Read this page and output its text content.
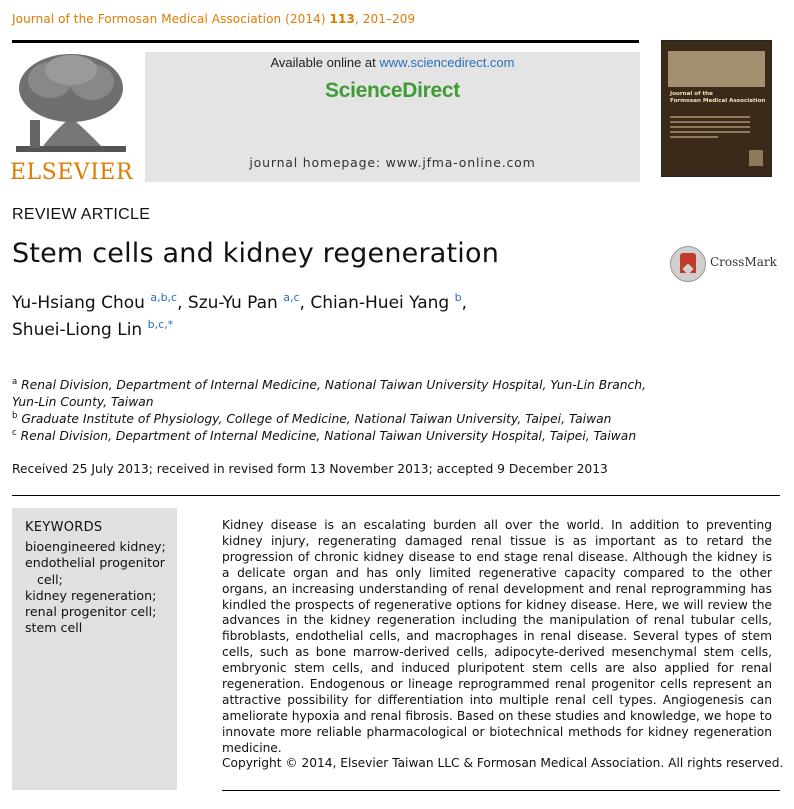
Journal of the Formosan Medical Association (2014) 113, 201–209
ELSEVIER
Available online at www.sciencedirect.com
ScienceDirect
journal homepage: www.jfma-online.com
Journal of the
Formosan Medical Association
REVIEW ARTICLE
Stem cells and kidney regeneration	CrossMark
Yu-Hsiang Chou $^{a,b,c}$, Szu-Yu Pan $^{a,c}$, Chian-Huei Yang $^b$,
Shuei-Liong Lin $^{b,c,*}$
$^a$ Renal Division, Department of Internal Medicine, National Taiwan University Hospital, Yun-Lin Branch, Yun-Lin County, Taiwan
$^b$ Graduate Institute of Physiology, College of Medicine, National Taiwan University, Taipei, Taiwan
$^c$ Renal Division, Department of Internal Medicine, National Taiwan University Hospital, Taipei, Taiwan
Received 25 July 2013; received in revised form 13 November 2013; accepted 9 December 2013
KEYWORDS
bioengineered kidney;
endothelial progenitor cell;
kidney regeneration;
renal progenitor cell;
stem cell
Kidney disease is an escalating burden all over the world. In addition to preventing kidney injury, regenerating damaged renal tissue is as important as to retard the progression of chronic kidney disease to end stage renal disease. Although the kidney is a delicate organ and has only limited regenerative capacity compared to the other organs, an increasing understanding of renal development and renal reprogramming has kindled the prospects of regenerative options for kidney disease. Here, we will review the advances in the kidney regeneration including the manipulation of renal tubular cells, fibroblasts, endothelial cells, and macrophages in renal disease. Several types of stem cells, such as bone marrow-derived cells, adipocyte-derived mesenchymal stem cells, embryonic stem cells, and induced pluripotent stem cells are also applied for renal regeneration. Endogenous or lineage reprogrammed renal progenitor cells represent an attractive possibility for differentiation into multiple renal cell types. Angiogenesis can ameliorate hypoxia and renal fibrosis. Based on these studies and knowledge, we hope to innovate more reliable pharmacological or biotechnical methods for kidney regeneration medicine.
Copyright © 2014, Elsevier Taiwan LLC & Formosan Medical Association. All rights reserved.
